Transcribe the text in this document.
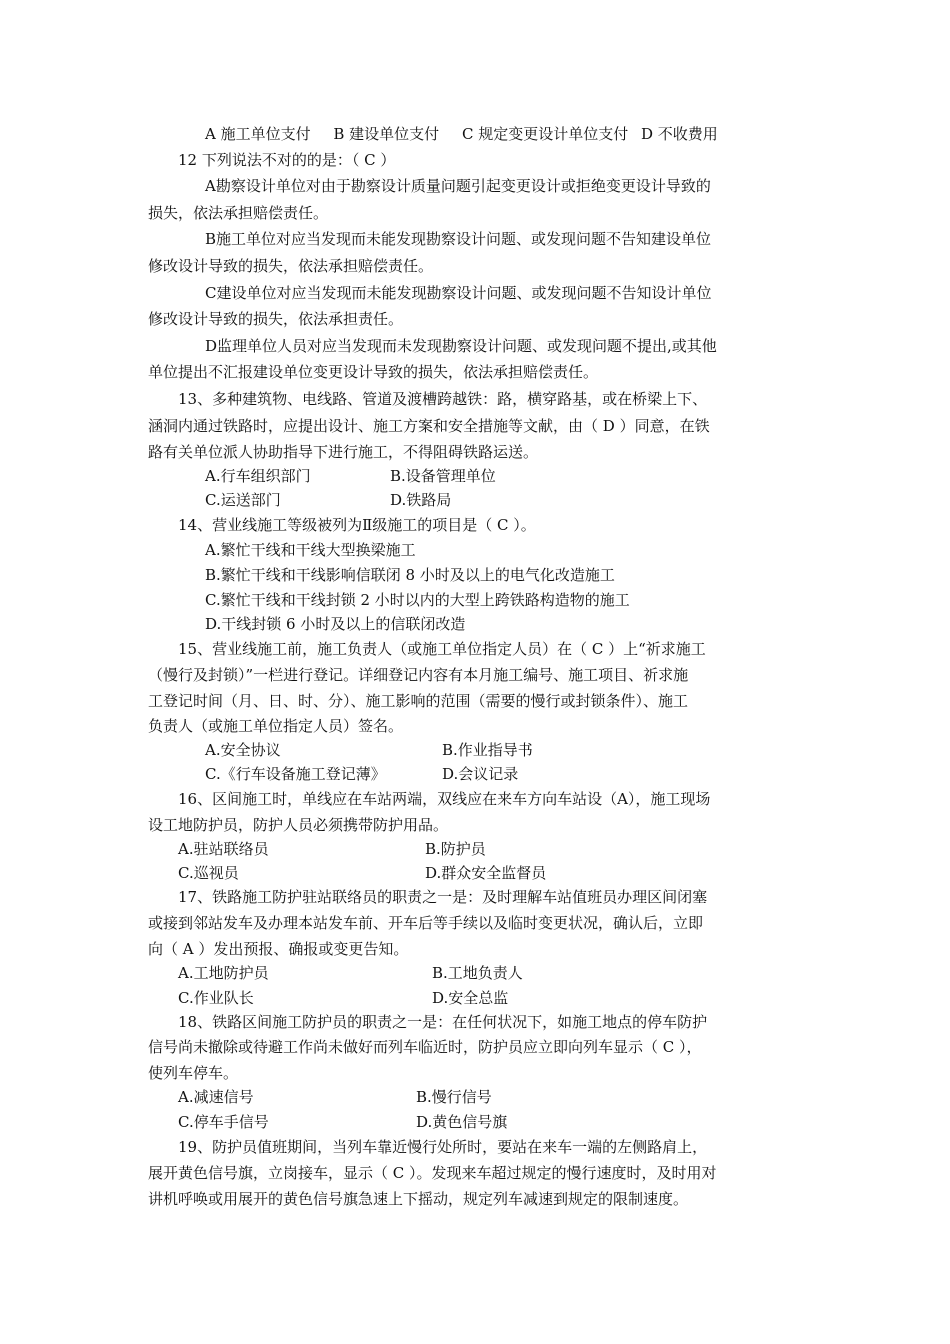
A 施工单位支付 B 建设单位支付 C 规定变更设计单位支付 D 不收费用
12 下列说法不对的的是：（ C ）
A勘察设计单位对由于勘察设计质量问题引起变更设计或拒绝变更设计导致的
损失，依法承担赔偿责任。
B施工单位对应当发现而未能发现勘察设计问题、或发现问题不告知建设单位
修改设计导致的损失，依法承担赔偿责任。
C建设单位对应当发现而未能发现勘察设计问题、或发现问题不告知设计单位
修改设计导致的损失，依法承担责任。
D监理单位人员对应当发现而未发现勘察设计问题、或发现问题不提出,或其他
单位提出不汇报建设单位变更设计导致的损失，依法承担赔偿责任。
13、多种建筑物、电线路、管道及渡槽跨越铁：路，横穿路基，或在桥梁上下、
涵洞内通过铁路时，应提出设计、施工方案和安全措施等文献，由（ D ）同意，在铁
路有关单位派人协助指导下进行施工，不得阻碍铁路运送。
A.行车组织部门	B.设备管理单位
C.运送部门	D.铁路局
14、营业线施工等级被列为Ⅱ级施工的项目是（ C ）。
A.繁忙干线和干线大型换梁施工
B.繁忙干线和干线影响信联闭 8 小时及以上的电气化改造施工
C.繁忙干线和干线封锁 2 小时以内的大型上跨铁路构造物的施工
D.干线封锁 6 小时及以上的信联闭改造
15、营业线施工前，施工负责人（或施工单位指定人员）在（ C ）上“祈求施工
（慢行及封锁）”一栏进行登记。详细登记内容有本月施工编号、施工项目、祈求施
工登记时间（月、日、时、分）、施工影响的范围（需要的慢行或封锁条件）、施工
负责人（或施工单位指定人员）签名。
A.安全协议	B.作业指导书
C.《行车设备施工登记薄》	D.会议记录
16、区间施工时，单线应在车站两端，双线应在来车方向车站设（A），施工现场
设工地防护员，防护人员必须携带防护用品。
A.驻站联络员	B.防护员
C.巡视员	D.群众安全监督员
17、铁路施工防护驻站联络员的职责之一是：及时理解车站值班员办理区间闭塞
或接到邻站发车及办理本站发车前、开车后等手续以及临时变更状况，确认后，立即
向（ A ）发出预报、确报或变更告知。
A.工地防护员	B.工地负责人
C.作业队长	D.安全总监
18、铁路区间施工防护员的职责之一是：在任何状况下，如施工地点的停车防护
信号尚未撤除或待避工作尚未做好而列车临近时，防护员应立即向列车显示（ C ），
使列车停车。
A.减速信号	B.慢行信号
C.停车手信号	D.黄色信号旗
19、防护员值班期间，当列车靠近慢行处所时，要站在来车一端的左侧路肩上，
展开黄色信号旗，立岗接车，显示（ C ）。发现来车超过规定的慢行速度时，及时用对
讲机呼唤或用展开的黄色信号旗急速上下摇动，规定列车减速到规定的限制速度。
